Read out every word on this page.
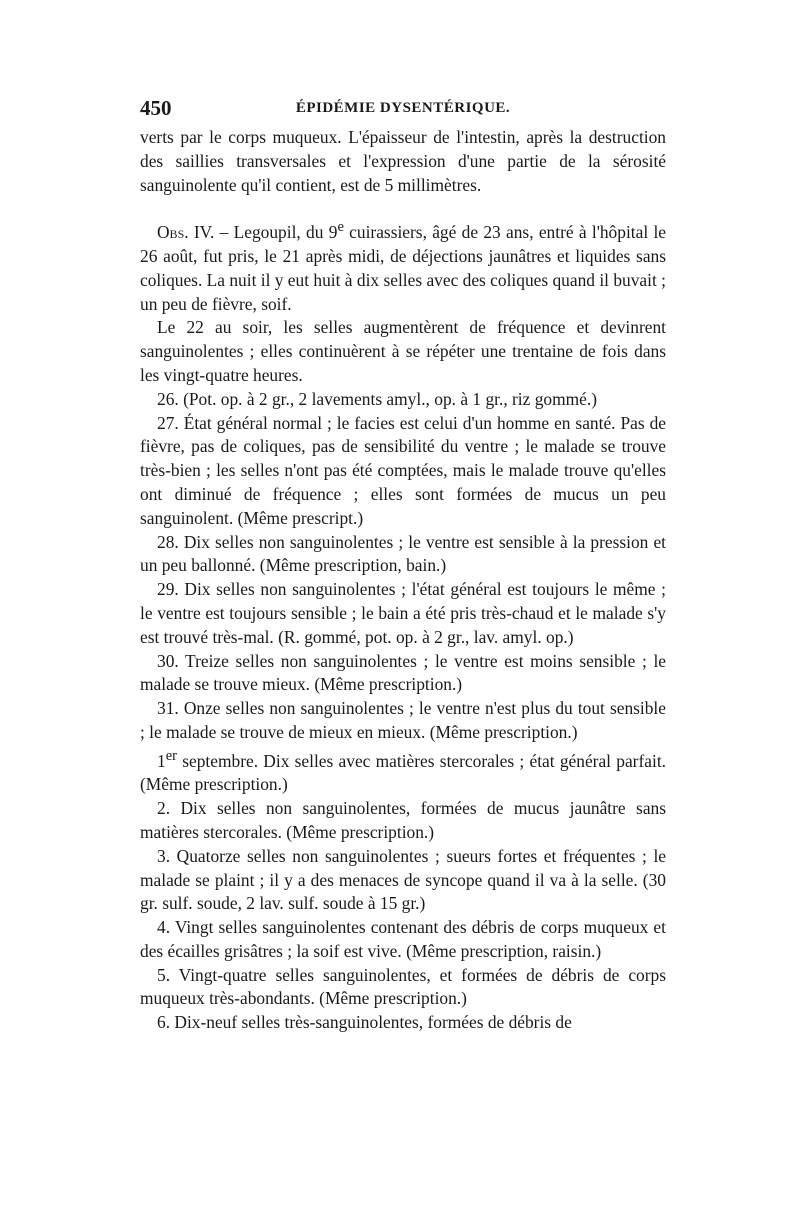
450	ÉPIDÉMIE DYSENTÉRIQUE.

verts par le corps muqueux. L'épaisseur de l'intestin, après la destruction des saillies transversales et l'expression d'une partie de la sérosité sanguinolente qu'il contient, est de 5 millimètres.

Obs. IV. – Legoupil, du 9e cuirassiers, âgé de 23 ans, entré à l'hôpital le 26 août, fut pris, le 21 après midi, de déjections jaunâtres et liquides sans coliques. La nuit il y eut huit à dix selles avec des coliques quand il buvait ; un peu de fièvre, soif.

Le 22 au soir, les selles augmentèrent de fréquence et devinrent sanguinolentes ; elles continuèrent à se répéter une trentaine de fois dans les vingt-quatre heures.

26. (Pot. op. à 2 gr., 2 lavements amyl., op. à 1 gr., riz gommé.)

27. État général normal ; le facies est celui d'un homme en santé. Pas de fièvre, pas de coliques, pas de sensibilité du ventre ; le malade se trouve très-bien ; les selles n'ont pas été comptées, mais le malade trouve qu'elles ont diminué de fréquence ; elles sont formées de mucus un peu sanguinolent. (Même prescript.)

28. Dix selles non sanguinolentes ; le ventre est sensible à la pression et un peu ballonné. (Même prescription, bain.)

29. Dix selles non sanguinolentes ; l'état général est toujours le même ; le ventre est toujours sensible ; le bain a été pris très-chaud et le malade s'y est trouvé très-mal. (R. gommé, pot. op. à 2 gr., lav. amyl. op.)

30. Treize selles non sanguinolentes ; le ventre est moins sensible ; le malade se trouve mieux. (Même prescription.)

31. Onze selles non sanguinolentes ; le ventre n'est plus du tout sensible ; le malade se trouve de mieux en mieux. (Même prescription.)

1er septembre. Dix selles avec matières stercorales ; état général parfait. (Même prescription.)

2. Dix selles non sanguinolentes, formées de mucus jaunâtre sans matières stercorales. (Même prescription.)

3. Quatorze selles non sanguinolentes ; sueurs fortes et fréquentes ; le malade se plaint ; il y a des menaces de syncope quand il va à la selle. (30 gr. sulf. soude, 2 lav. sulf. soude à 15 gr.)

4. Vingt selles sanguinolentes contenant des débris de corps muqueux et des écailles grisâtres ; la soif est vive. (Même prescription, raisin.)

5. Vingt-quatre selles sanguinolentes, et formées de débris de corps muqueux très-abondants. (Même prescription.)

6. Dix-neuf selles très-sanguinolentes, formées de débris de
